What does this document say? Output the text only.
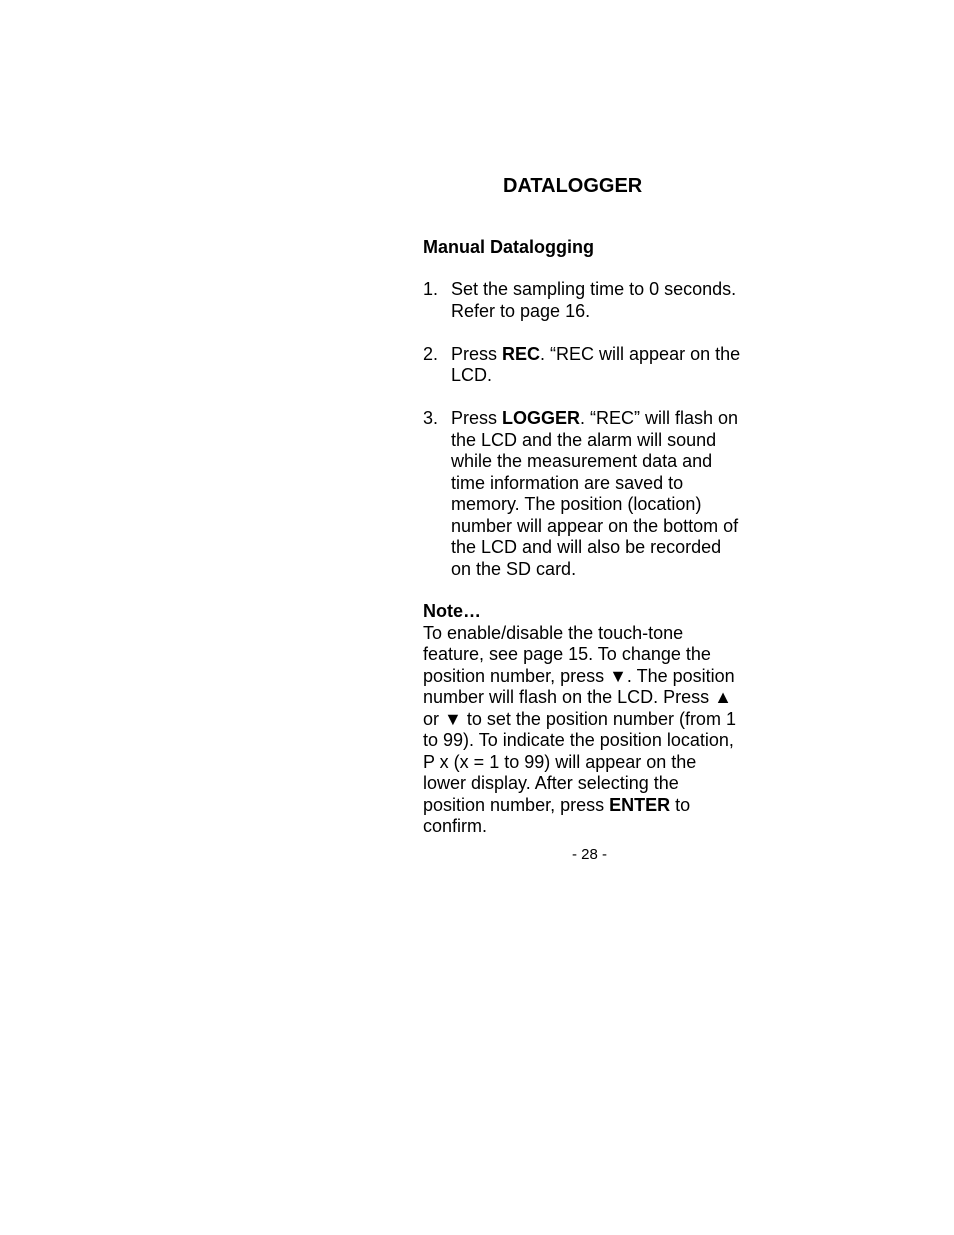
DATALOGGER
Manual Datalogging
1. Set the sampling time to 0 seconds. Refer to page 16.
2. Press REC. “REC will appear on the LCD.
3. Press LOGGER. “REC” will flash on the LCD and the alarm will sound while the measurement data and time information are saved to memory. The position (location) number will appear on the bottom of the LCD and will also be recorded on the SD card.
Note…
To enable/disable the touch-tone feature, see page 15. To change the position number, press ▼. The position number will flash on the LCD. Press ▲ or ▼ to set the position number (from 1 to 99). To indicate the position location, P x (x = 1 to 99) will appear on the lower display. After selecting the position number, press ENTER to confirm.
- 28 -
